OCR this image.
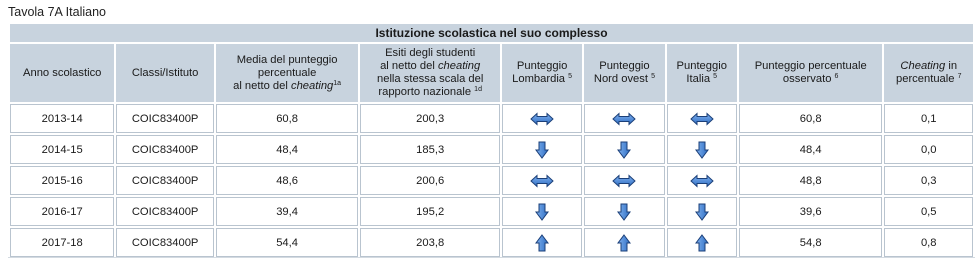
Tavola 7A Italiano
Istituzione scolastica nel suo complesso								
Anno scolastico	Classi/Istituto	Media del punteggio
percentuale
al netto del cheating$^{1a}$	Esiti degli studenti
al netto del cheating
nella stessa scala del
rapporto nazionale $^{1d}$	Punteggio
Lombardia $^5$	Punteggio
Nord ovest $^5$	Punteggio
Italia $^5$	Punteggio percentuale
osservato $^6$	Cheating in
percentuale $^7$
2013-14	COIC83400P	60,8	200,3				60,8	0,1
2014-15	COIC83400P	48,4	185,3				48,4	0,0
2015-16	COIC83400P	48,6	200,6				48,8	0,3
2016-17	COIC83400P	39,4	195,2				39,6	0,5
2017-18	COIC83400P	54,4	203,8				54,8	0,8
